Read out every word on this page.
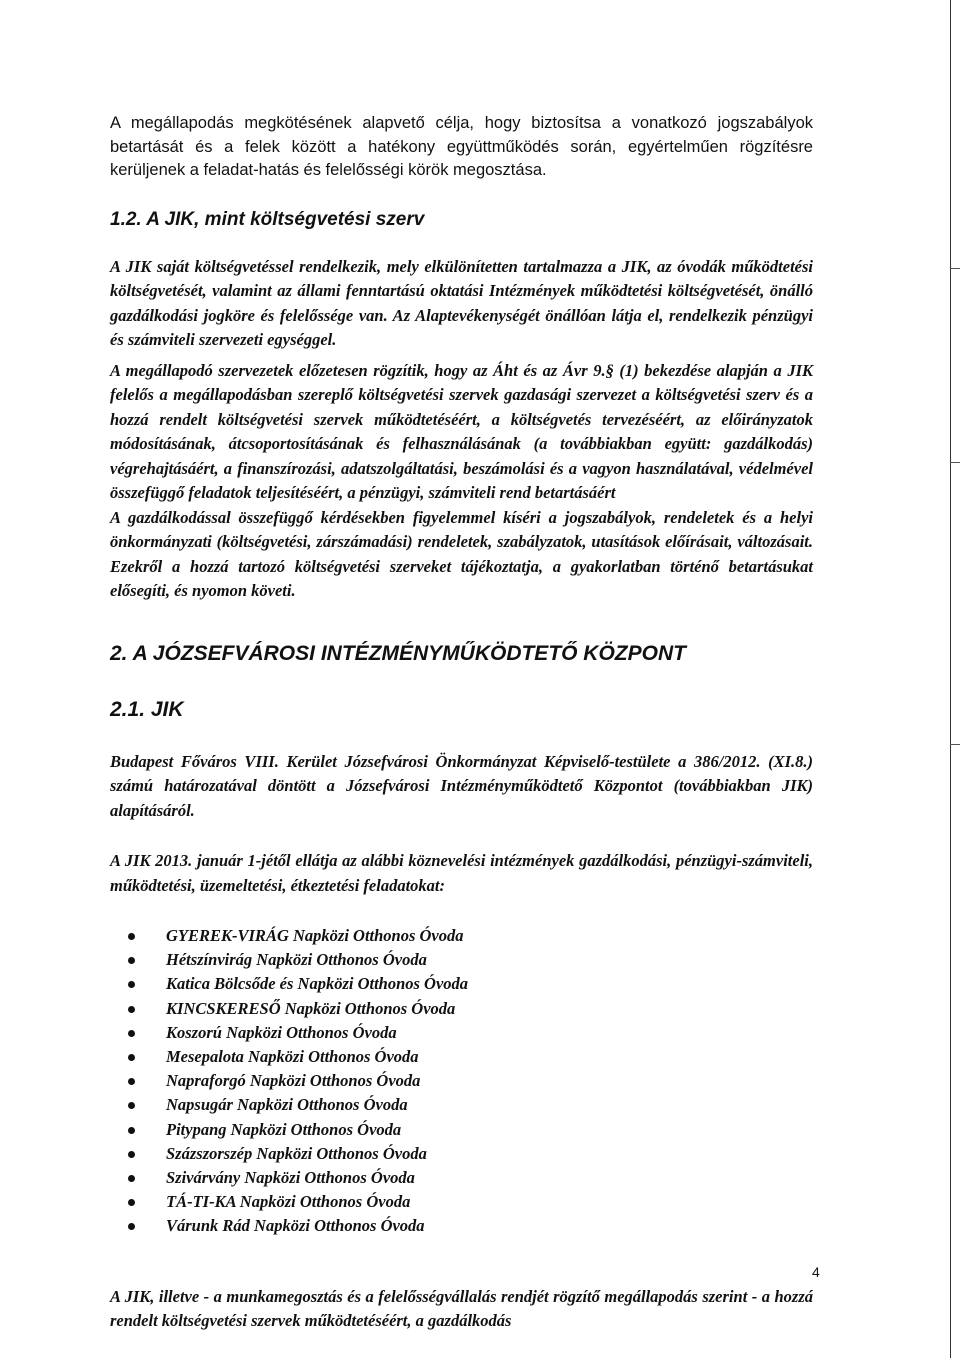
A megállapodás megkötésének alapvető célja, hogy biztosítsa a vonatkozó jogszabályok betartását és a felek között a hatékony együttműködés során, egyértelműen rögzítésre kerüljenek a feladat-hatás és felelősségi körök megosztása.

1.2. A JIK, mint költségvetési szerv

A JIK saját költségvetéssel rendelkezik, mely elkülönítetten tartalmazza a JIK, az óvodák működtetési költségvetését, valamint az állami fenntartású oktatási Intézmények működtetési költségvetését, önálló gazdálkodási jogköre és felelőssége van. Az Alaptevékenységét önállóan látja el, rendelkezik pénzügyi és számviteli szervezeti egységgel.

A megállapodó szervezetek előzetesen rögzítik, hogy az Áht és az Ávr 9.§ (1) bekezdése alapján a JIK felelős a megállapodásban szereplő költségvetési szervek gazdasági szervezet a költségvetési szerv és a hozzá rendelt költségvetési szervek működtetéséért, a költségvetés tervezéséért, az előirányzatok módosításának, átcsoportosításának és felhasználásának (a továbbiakban együtt: gazdálkodás) végrehajtásáért, a finanszírozási, adatszolgáltatási, beszámolási és a vagyon használatával, védelmével összefüggő feladatok teljesítéséért, a pénzügyi, számviteli rend betartásáért

A gazdálkodással összefüggő kérdésekben figyelemmel kíséri a jogszabályok, rendeletek és a helyi önkormányzati (költségvetési, zárszámadási) rendeletek, szabályzatok, utasítások előírásait, változásait. Ezekről a hozzá tartozó költségvetési szerveket tájékoztatja, a gyakorlatban történő betartásukat elősegíti, és nyomon követi.

2. A JÓZSEFVÁROSI INTÉZMÉNYMŰKÖDTETŐ KÖZPONT
2.1. JIK

Budapest Főváros VIII. Kerület Józsefvárosi Önkormányzat Képviselő-testülete a 386/2012. (XI.8.) számú határozatával döntött a Józsefvárosi Intézményműködtető Központot (továbbiakban JIK) alapításáról.

A JIK 2013. január 1-jétől ellátja az alábbi köznevelési intézmények gazdálkodási, pénzügyi-számviteli, működtetési, üzemeltetési, étkeztetési feladatokat:

GYEREK-VIRÁG Napközi Otthonos Óvoda
Hétszínvirág Napközi Otthonos Óvoda
Katica Bölcsőde és Napközi Otthonos Óvoda
KINCSKERESŐ Napközi Otthonos Óvoda
Koszorú Napközi Otthonos Óvoda
Mesepalota Napközi Otthonos Óvoda
Napraforgó Napközi Otthonos Óvoda
Napsugár Napközi Otthonos Óvoda
Pitypang Napközi Otthonos Óvoda
Százszorszép Napközi Otthonos Óvoda
Szivárvány Napközi Otthonos Óvoda
TÁ-TI-KA Napközi Otthonos Óvoda
Várunk Rád Napközi Otthonos Óvoda

A JIK, illetve - a munkamegosztás és a felelősségvállalás rendjét rögzítő megállapodás szerint - a hozzá rendelt költségvetési szervek működtetéséért, a gazdálkodás

4
